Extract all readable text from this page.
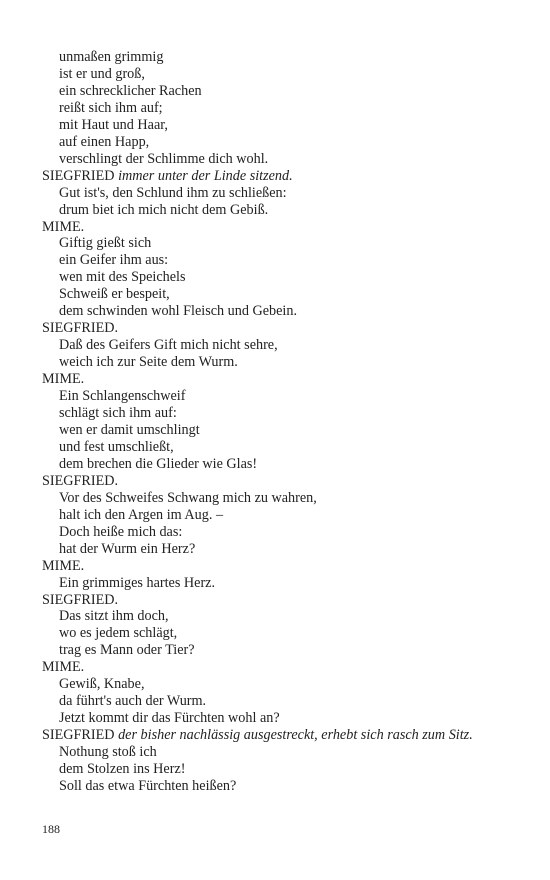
unmaßen grimmig
ist er und groß,
ein schrecklicher Rachen
reißt sich ihm auf;
mit Haut und Haar,
auf einen Happ,
verschlingt der Schlimme dich wohl.
SIEGFRIED immer unter der Linde sitzend.
Gut ist's, den Schlund ihm zu schließen:
drum biet ich mich nicht dem Gebiß.
MIME.
Giftig gießt sich
ein Geifer ihm aus:
wen mit des Speichels
Schweiß er bespeit,
dem schwinden wohl Fleisch und Gebein.
SIEGFRIED.
Daß des Geifers Gift mich nicht sehre,
weich ich zur Seite dem Wurm.
MIME.
Ein Schlangenschweif
schlägt sich ihm auf:
wen er damit umschlingt
und fest umschließt,
dem brechen die Glieder wie Glas!
SIEGFRIED.
Vor des Schweifes Schwang mich zu wahren,
halt ich den Argen im Aug. –
Doch heiße mich das:
hat der Wurm ein Herz?
MIME.
Ein grimmiges hartes Herz.
SIEGFRIED.
Das sitzt ihm doch,
wo es jedem schlägt,
trag es Mann oder Tier?
MIME.
Gewiß, Knabe,
da führt's auch der Wurm.
Jetzt kommt dir das Fürchten wohl an?
SIEGFRIED der bisher nachlässig ausgestreckt, erhebt sich rasch zum Sitz.
Nothung stoß ich
dem Stolzen ins Herz!
Soll das etwa Fürchten heißen?
188
